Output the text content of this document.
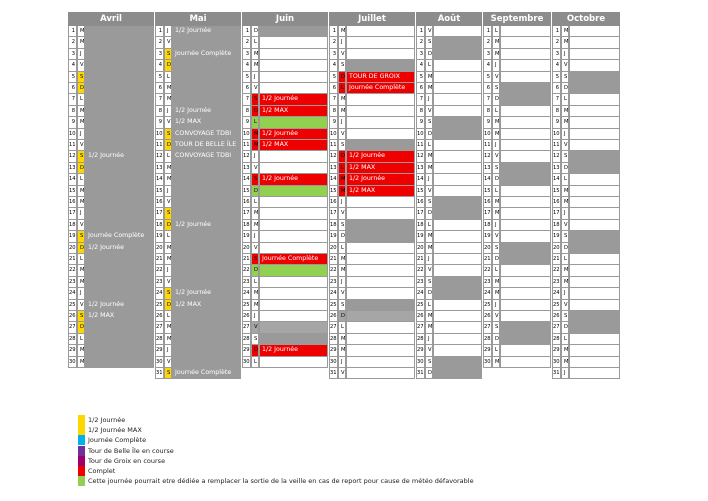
Avril
1 M
2 M
3 J
4 V
5 S
6 D
7 L
8 M
9 M
10 J
11 V
12 S 1/2 Journée
13 D
14 L
15 M
16 M
17 J
18 V
19 S Journée Complète
20 D 1/2 Journée
21 L
22 M
23 M
24 J
25 V 1/2 Journée
26 S 1/2 MAX
27 D
28 L
29 M
30 M
Mai
1 J	1/2 Journée
2 V
3 S Journée Complète
4 D
5 L
6 M
7 M
8 J	1/2 Journée
9 V 1/2 MAX
10 S CONVOYAGE TDBI
11 D TOUR DE BELLE ÎLE
12 L CONVOYAGE TDBI
13 M
14 M
15 J
16 V
17 S
18 D 1/2 Journée
19 L
20 M
21 M
22 J
23 V
24 S 1/2 Journée
25 D 1/2 MAX
26 L
27 M
28 M
29 J
30 V
31 S Journée Complète
Juin
1 D
2 L
3 M
4 M
5 J
6 V
7 S 1/2 Journée
8 D 1/2 MAX
9 L
10 M 1/2 Journée
11 M 1/2 MAX
12 J
13 V
14 S 1/2 Journée
15 D
16 L
17 M
18 M
19 J
20 V
21 S Journée Complète
22 D
23 L
24 M
25 M
26 J
27 V
28 S
29 D 1/2 Journée
30 L
Juillet
1 M
2 J
3 V
4 S
5 D TOUR DE GROIX
6 L Journée Complète
7 M
8 M
9 J
10 V
11 S
12 D 1/2 Journée
13 L 1/2 MAX
14 M 1/2 Journée
15 M 1/2 MAX
16 J
17 V
18 S
19 D
20 L
21 M
22 M
23 J
24 V
25 S
26 D
27 L
28 M
29 M
30 J
31 V
Août
1 V
2 S
3 D
4 L
5 M
6 M
7 J
8 V
9 S
10 D
11 L
12 M
13 M
14 J
15 V
16 S
17 D
18 L
19 M
20 M
21 J
22 V
23 S
24 D
25 L
26 M
27 M
28 J
29 V
30 S
31 D
Septembre
1 L
2 M
3 M
4 J
5 V
6 S
7 D
8 L
9 M
10 M
11 J
12 V
13 S
14 D
15 L
16 M
17 M
18 J
19 V
20 S
21 D
22 L
23 M
24 M
25 J
26 V
27 S
28 D
29 L
30 M
Octobre
1 M
2 M
3 J
4 V
5 S
6 D
7 L
8 M
9 M
10 J
11 V
12 S
13 D
14 L
15 M
16 M
17 J
18 V
19 S
20 D
21 L
22 M
23 M
24 J
25 V
26 S
27 D
28 L
29 M
30 M
31 J
1/2 Journée
1/2 Journée MAX
Journée Complète
Tour de Belle Île en course
Tour de Groix en course
Complet
Cette journée pourrait etre dédiée a remplacer la sortie de la veille en cas de report pour cause de météo défavorable
